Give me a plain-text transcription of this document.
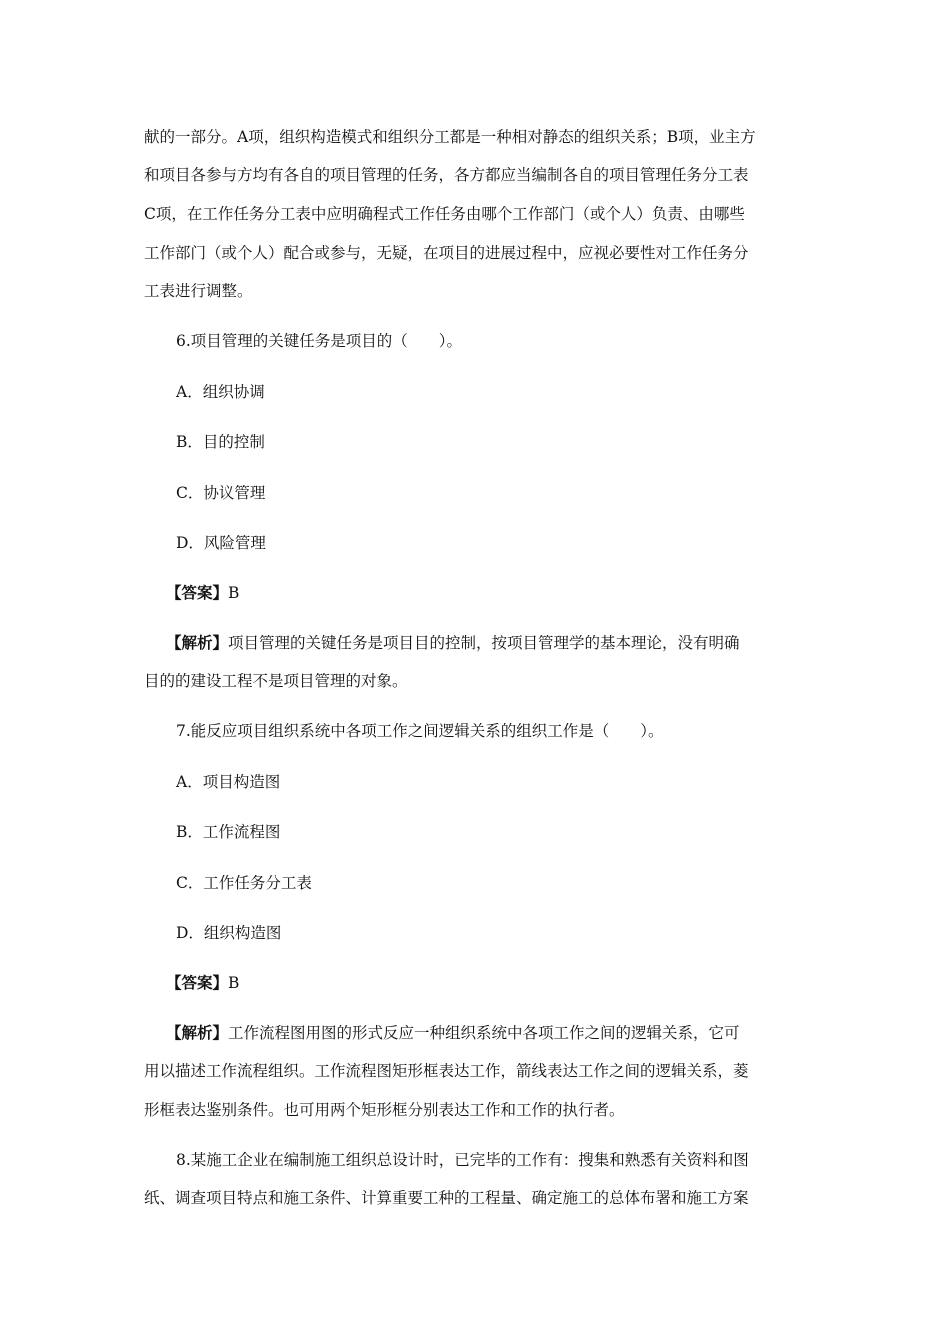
献的一部分。A项，组织构造模式和组织分工都是一种相对静态的组织关系；B项，业主方
和项目各参与方均有各自的项目管理的任务，各方都应当编制各自的项目管理任务分工表
C项，在工作任务分工表中应明确程式工作任务由哪个工作部门（或个人）负责、由哪些
工作部门（或个人）配合或参与，无疑，在项目的进展过程中，应视必要性对工作任务分
工表进行调整。
6.项目管理的关键任务是项目的（　　）。
A．组织协调
B．目的控制
C．协议管理
D．风险管理
【答案】B
【解析】项目管理的关键任务是项目目的控制，按项目管理学的基本理论，没有明确
目的的建设工程不是项目管理的对象。
7.能反应项目组织系统中各项工作之间逻辑关系的组织工作是（　　）。
A．项目构造图
B．工作流程图
C．工作任务分工表
D．组织构造图
【答案】B
【解析】工作流程图用图的形式反应一种组织系统中各项工作之间的逻辑关系，它可
用以描述工作流程组织。工作流程图矩形框表达工作，箭线表达工作之间的逻辑关系，菱
形框表达鉴别条件。也可用两个矩形框分别表达工作和工作的执行者。
8.某施工企业在编制施工组织总设计时，已完毕的工作有：搜集和熟悉有关资料和图
纸、调查项目特点和施工条件、计算重要工种的工程量、确定施工的总体布署和施工方案
